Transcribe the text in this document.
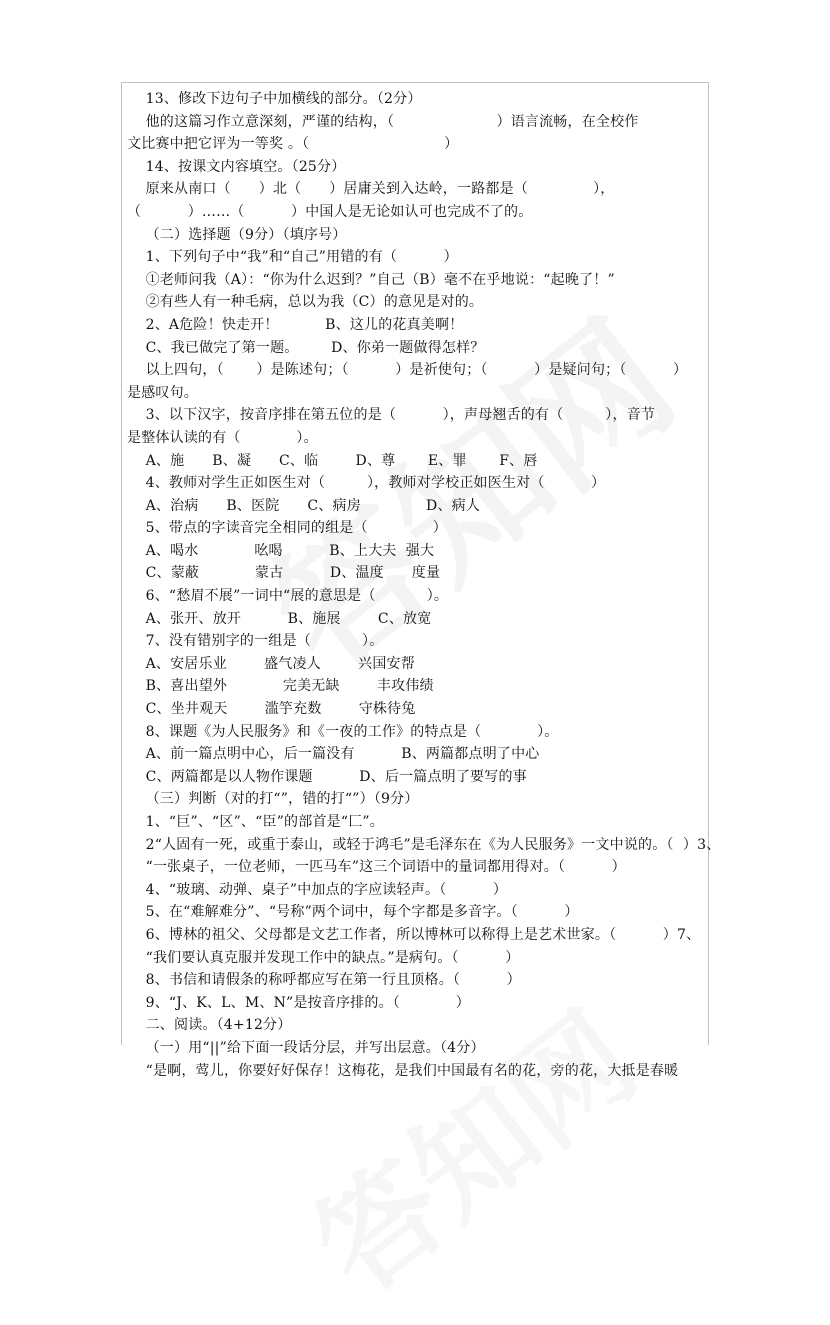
13、修改下边句子中加横线的部分。（2分）
他的这篇习作立意深刻，严谨的结构，（                      ）语言流畅，在全校作
文比赛中把它评为一等奖 。（                             ）
14、按课文内容填空。（25分）
原来从南口（      ）北（      ）居庸关到入达岭，一路都是（              ），
（          ）……（          ）中国人是无论如认可也完成不了的。
（二）选择题（9分）（填序号）
1、下列句子中“我”和“自己”用错的有（          ）
①老师问我（A）：“你为什么迟到？”自己（B）毫不在乎地说：“起晚了！”
②有些人有一种毛病，总以为我（C）的意见是对的。
2、A危险！快走开！          B、这儿的花真美啊！
C、我已做完了第一题。       D、你弟一题做得怎样？
以上四句，（       ）是陈述句；（          ）是祈使句；（          ）是疑问句；（          ）
是感叹句。
3、以下汉字，按音序排在第五位的是（          ），声母翘舌的有（         ），音节
是整体认读的有（            ）。
A、施      B、凝      C、临        D、尊       E、罪       F、唇
4、教师对学生正如医生对（         ），教师对学校正如医生对（          ）
A、治病      B、医院      C、病房              D、病人
5、带点的字读音完全相同的组是（              ）
A、喝水            吆喝          B、上大夫  强大
C、蒙蔽            蒙古          D、温度      度量
6、“愁眉不展”一词中“展的意思是（           ）。
A、张开、放开          B、施展        C、放宽
7、没有错别字的一组是（           ）。
A、安居乐业        盛气凌人        兴国安帮
B、喜出望外            完美无缺        丰攻伟绩
C、坐井观天        滥竽充数        守株待兔
8、课题《为人民服务》和《一夜的工作》的特点是（            ）。
A、前一篇点明中心，后一篇没有          B、两篇都点明了中心
C、两篇都是以人物作课题          D、后一篇点明了要写的事
（三）判断（对的打“”，错的打“”）（9分）
1、“巨”、“区”、“臣”的部首是“匚”。
2“人固有一死，或重于泰山，或轻于鸿毛”是毛泽东在《为人民服务》一文中说的。（  ）3、
“一张桌子，一位老师，一匹马车”这三个词语中的量词都用得对。（          ）
4、“玻璃、动弹、桌子”中加点的字应读轻声。（          ）
5、在“难解难分”、“号称”两个词中，每个字都是多音字。（          ）
6、博林的祖父、父母都是文艺工作者，所以博林可以称得上是艺术世家。（          ）7、
“我们要认真克服并发现工作中的缺点。”是病句。（          ）
8、书信和请假条的称呼都应写在第一行且顶格。（          ）
9、“J、K、L、M、N”是按音序排的。（            ）
二、阅读。（4+12分）
（一）用“||”给下面一段话分层，并写出层意。（4分）
“是啊，莺儿，你要好好保存！这梅花，是我们中国最有名的花，旁的花，大抵是春暖
